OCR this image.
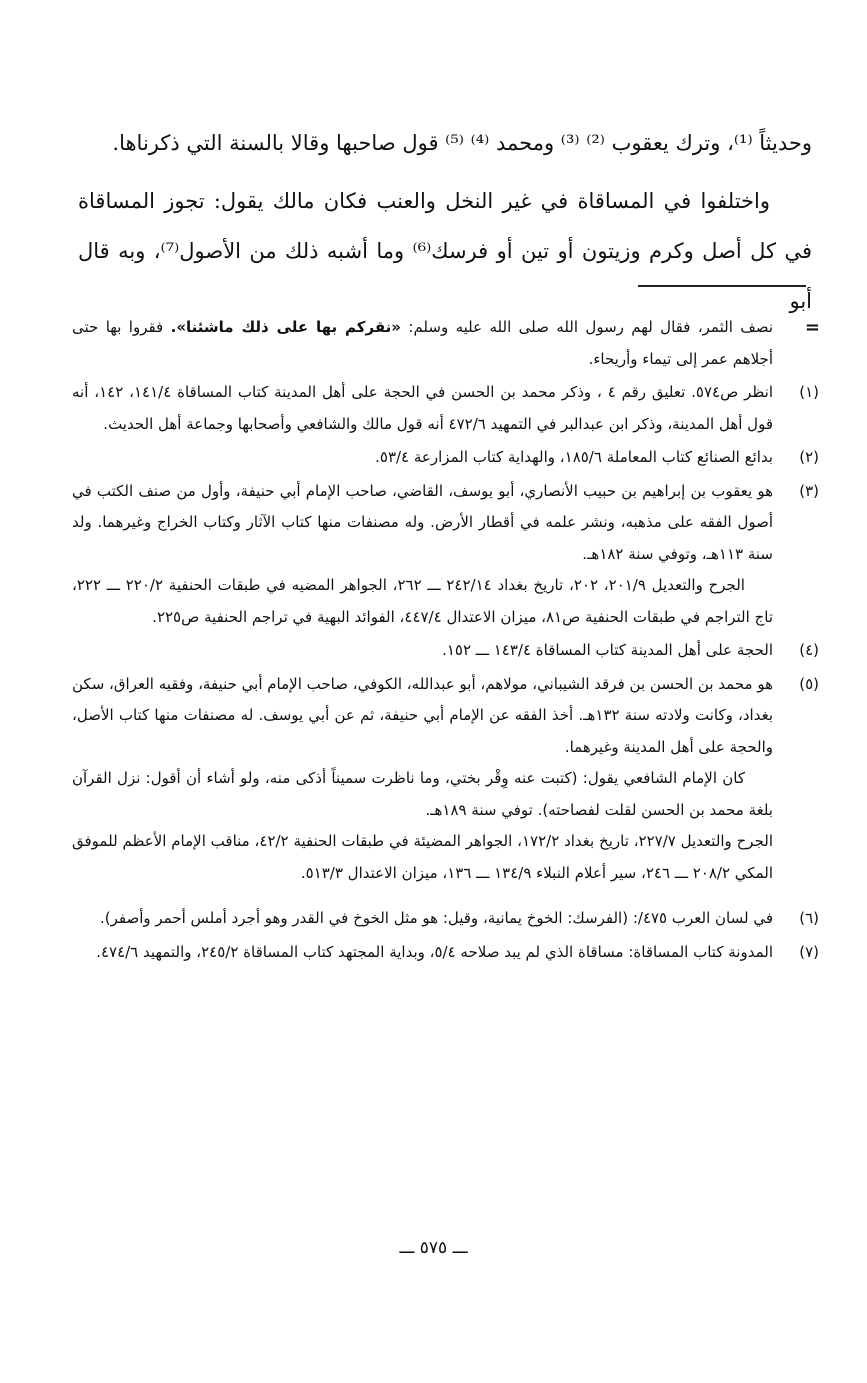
وحديثاً ⁽¹⁾، وترك يعقوب ⁽²⁾ ⁽³⁾ ومحمد ⁽⁴⁾ ⁽⁵⁾ قول صاحبها وقالا بالسنة التي ذكرناها.

واختلفوا في المساقاة في غير النخل والعنب فكان مالك يقول: تجوز المساقاة في كل أصل وكرم وزيتون أو تين أو فرسك⁽⁶⁾ وما أشبه ذلك من الأصول⁽⁷⁾، وبه قال أبو

=

نصف الثمر، فقال لهم رسول الله صلى الله عليه وسلم: «نقركم بها على ذلك ماشئنا». فقروا بها حتى أجلاهم عمر إلى تيماء وأريحاء.

(١)

انظر ص٥٧٤. تعليق رقم ٤ ، وذكر محمد بن الحسن في الحجة على أهل المدينة كتاب المساقاة ١٤١/٤، ١٤٢، أنه قول أهل المدينة، وذكر ابن عبدالبر في التمهيد ٤٧٢/٦ أنه قول مالك والشافعي وأصحابها وجماعة أهل الحديث.

(٢)

بدائع الصنائع كتاب المعاملة ١٨٥/٦، والهداية كتاب المزارعة ٥٣/٤.

(٣)

هو يعقوب بن إبراهيم بن حبيب الأنصاري، أبو يوسف، القاضي، صاحب الإمام أبي حنيفة، وأول من صنف الكتب في أصول الفقه على مذهبه، ونشر علمه في أقطار الأرض. وله مصنفات منها كتاب الآثار وكتاب الخراج وغيرهما. ولد سنة ١١٣هـ، وتوفي سنة ١٨٢هـ.

الجرح والتعديل ٢٠١/٩، ٢٠٢، تاريخ بغداد ٢٤٢/١٤ ـــ ٢٦٢، الجواهر المضيه في طبقات الحنفية ٢٢٠/٢ ـــ ٢٢٢، تاج التراجم في طبقات الحنفية ص٨١، ميزان الاعتدال ٤٤٧/٤، الفوائد البهية في تراجم الحنفية ص٢٢٥.

(٤)

الحجة على أهل المدينة كتاب المساقاة ١٤٣/٤ ـــ ١٥٢.

(٥)

هو محمد بن الحسن بن فرقد الشيباني، مولاهم، أبو عبدالله، الكوفي، صاحب الإمام أبي حنيفة، وفقيه العراق، سكن بغداد، وكانت ولادته سنة ١٣٢هـ. أخذ الفقه عن الإمام أبي حنيفة، ثم عن أبي يوسف. له مصنفات منها كتاب الأصل، والحجة على أهل المدينة وغيرهما.

كان الإمام الشافعي يقول: (كتبت عنه وِقْر بختي، وما ناظرت سميناً أذكى منه، ولو أشاء أن أقول: نزل القرآن بلغة محمد بن الحسن لقلت لفصاحته). توفي سنة ١٨٩هـ.

الجرح والتعديل ٢٢٧/٧، تاريخ بغداد ١٧٢/٢، الجواهر المضيئة في طبقات الحنفية ٤٢/٢، مناقب الإمام الأعظم للموفق المكي ٢٠٨/٢ ـــ ٢٤٦، سير أعلام النبلاء ١٣٤/٩ ـــ ١٣٦، ميزان الاعتدال ٥١٣/٣.

(٦)

في لسان العرب ٤٧٥/: (الفرسك: الخوخ يمانية، وقيل: هو مثل الخوخ في القدر وهو أجرد أملس أحمر وأصفر).

(٧)

المدونة كتاب المساقاة: مساقاة الذي لم يبد صلاحه ٥/٤، وبداية المجتهد كتاب المساقاة ٢٤٥/٢، والتمهيد ٤٧٤/٦.

ـــ ٥٧٥ ـــ
